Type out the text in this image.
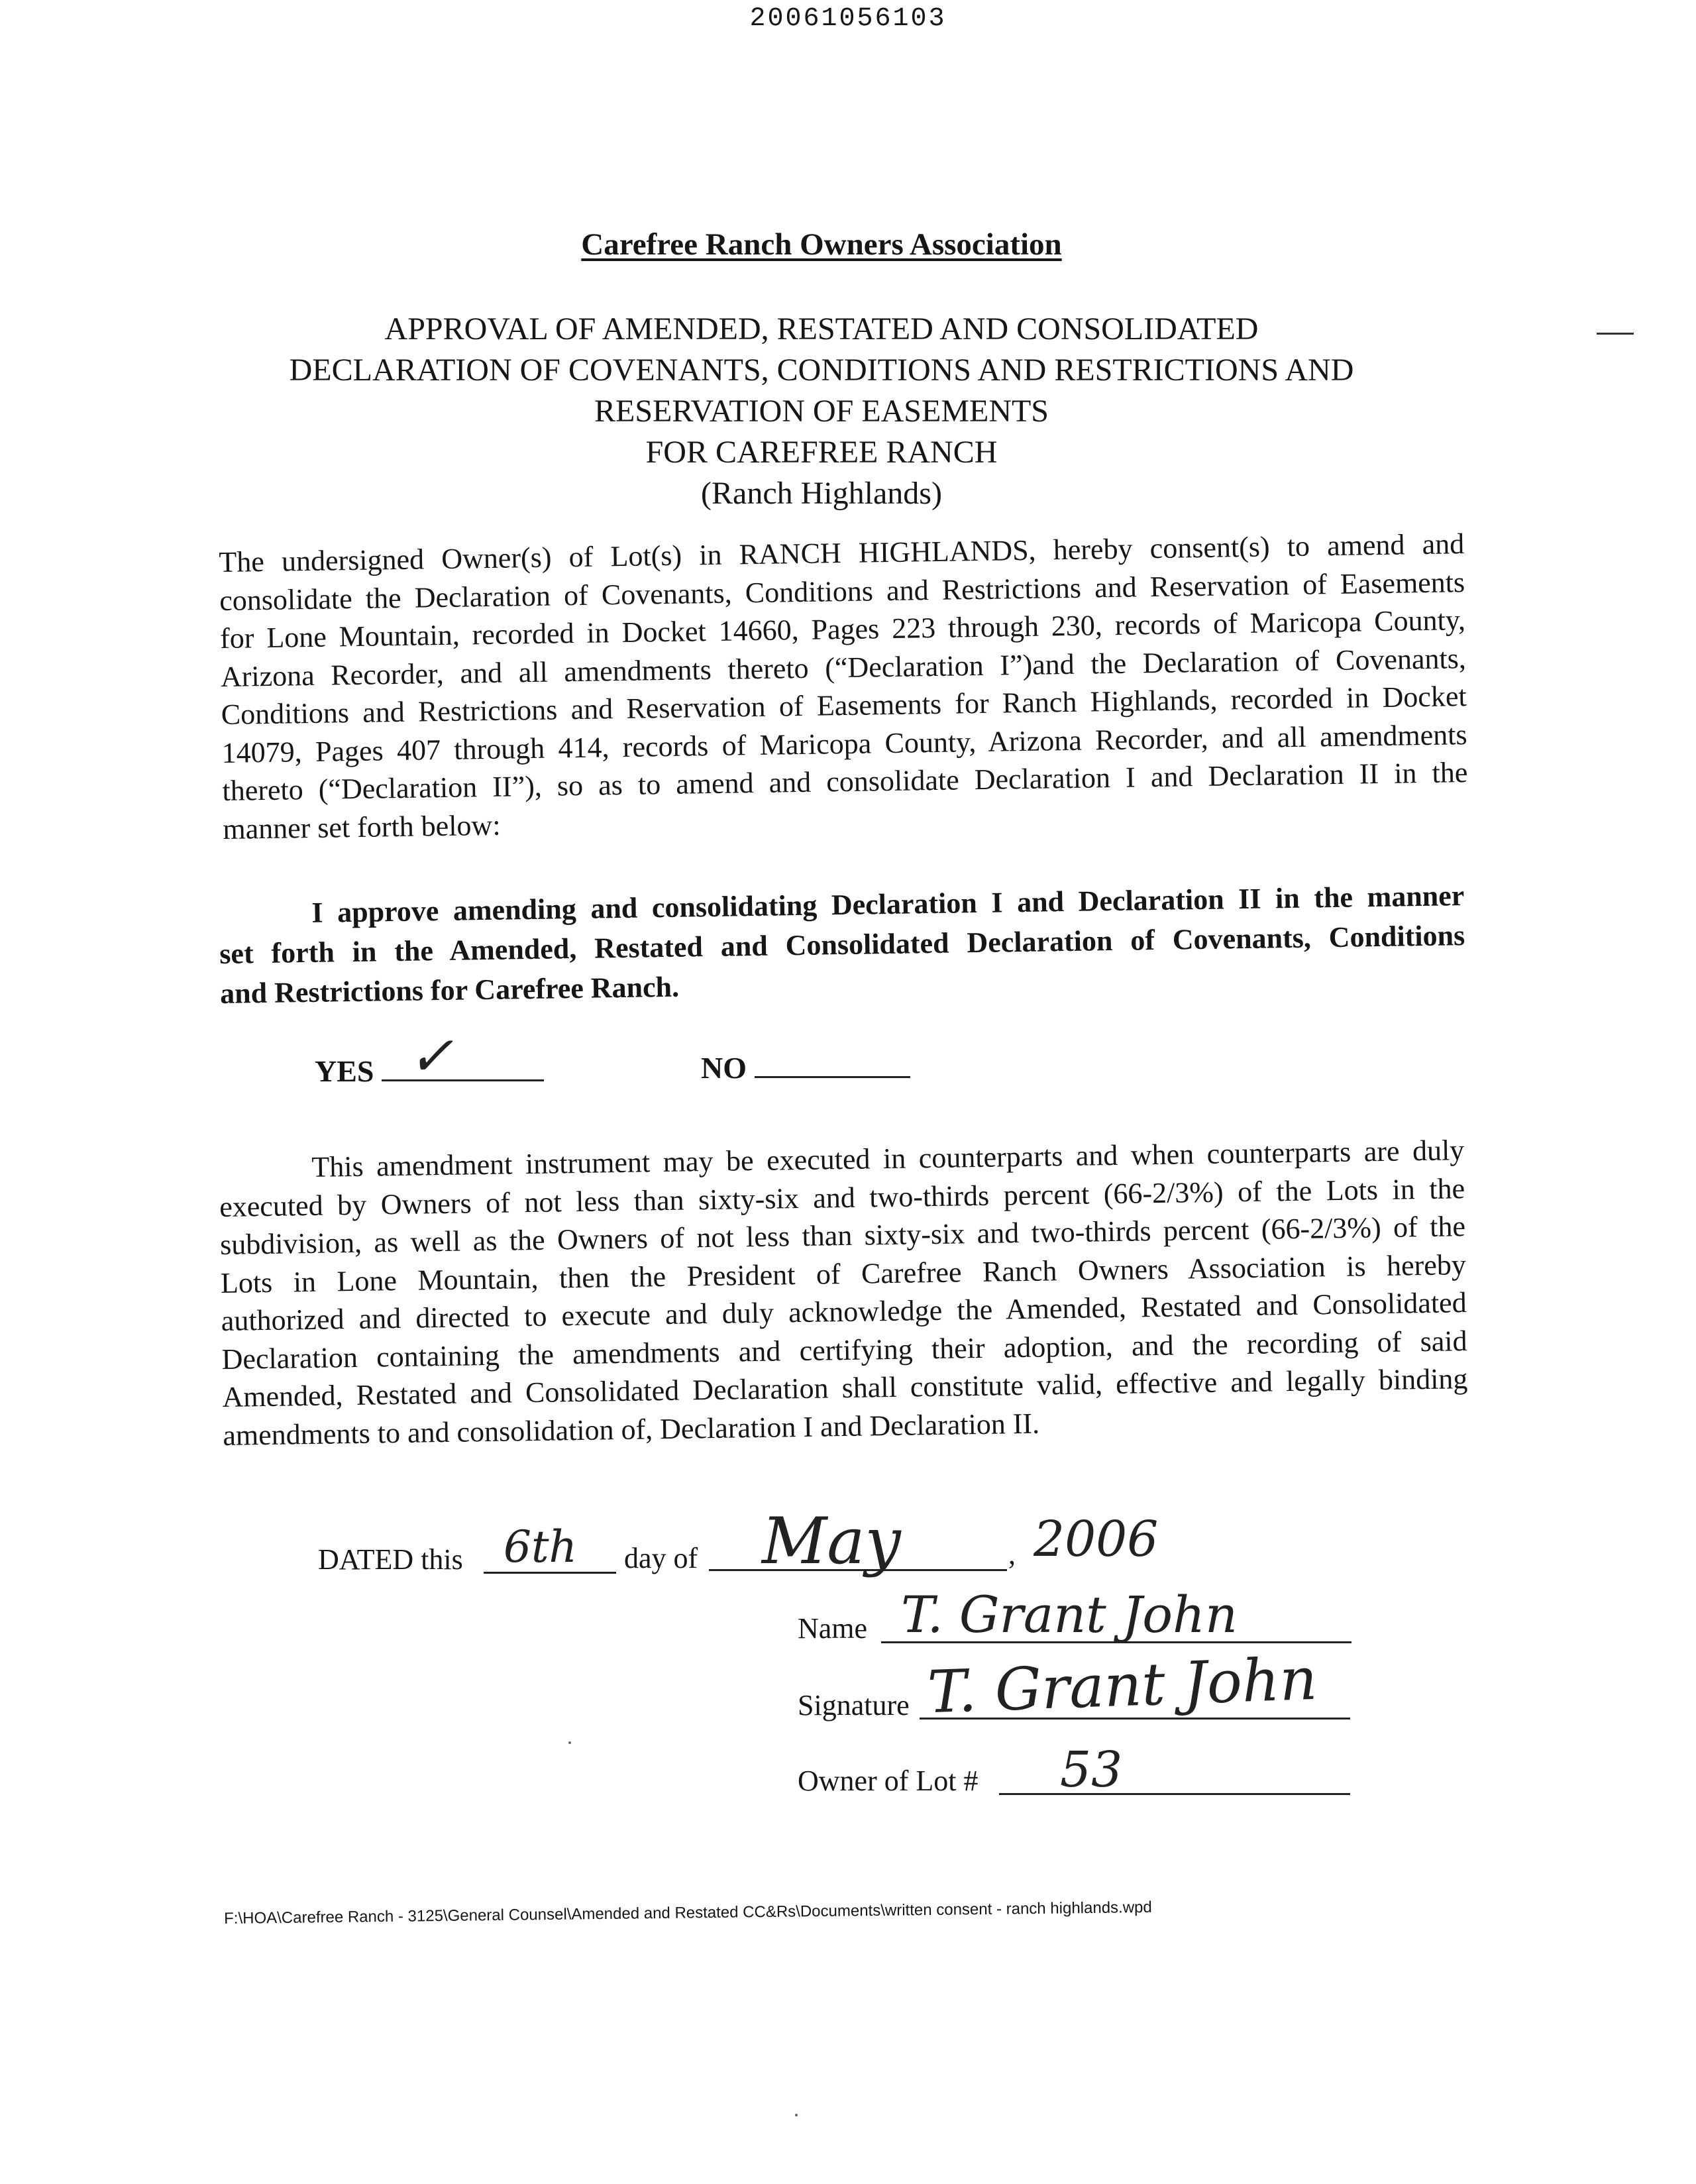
20061056103
Carefree Ranch Owners Association
APPROVAL OF AMENDED, RESTATED AND CONSOLIDATED
DECLARATION OF COVENANTS, CONDITIONS AND RESTRICTIONS AND
RESERVATION OF EASEMENTS
FOR CAREFREE RANCH
(Ranch Highlands)
The undersigned Owner(s) of Lot(s) in RANCH HIGHLANDS, hereby consent(s) to amend and
consolidate the Declaration of Covenants, Conditions and Restrictions and Reservation of Easements
for Lone Mountain, recorded in Docket 14660, Pages 223 through 230, records of Maricopa County,
Arizona Recorder, and all amendments thereto (“Declaration I”)and the Declaration of Covenants,
Conditions and Restrictions and Reservation of Easements for Ranch Highlands, recorded in Docket
14079, Pages 407 through 414, records of Maricopa County, Arizona Recorder, and all amendments
thereto (“Declaration II”), so as to amend and consolidate Declaration I and Declaration II in the
manner set forth below:
I approve amending and consolidating Declaration I and Declaration II in the manner
set forth in the Amended, Restated and Consolidated Declaration of Covenants, Conditions
and Restrictions for Carefree Ranch.
YES ✓	NO
This amendment instrument may be executed in counterparts and when counterparts are duly
executed by Owners of not less than sixty-six and two-thirds percent (66-2/3%) of the Lots in the
subdivision, as well as the Owners of not less than sixty-six and two-thirds percent (66-2/3%) of the
Lots in Lone Mountain, then the President of Carefree Ranch Owners Association is hereby
authorized and directed to execute and duly acknowledge the Amended, Restated and Consolidated
Declaration containing the amendments and certifying their adoption, and the recording of said
Amended, Restated and Consolidated Declaration shall constitute valid, effective and legally binding
amendments to and consolidation of, Declaration I and Declaration II.
DATED this 6th day of May	, 2006
Name T. Grant John
Signature T. Grant John
Owner of Lot # 53
F:\HOA\Carefree Ranch - 3125\General Counsel\Amended and Restated CC&Rs\Documents\written consent - ranch highlands.wpd
